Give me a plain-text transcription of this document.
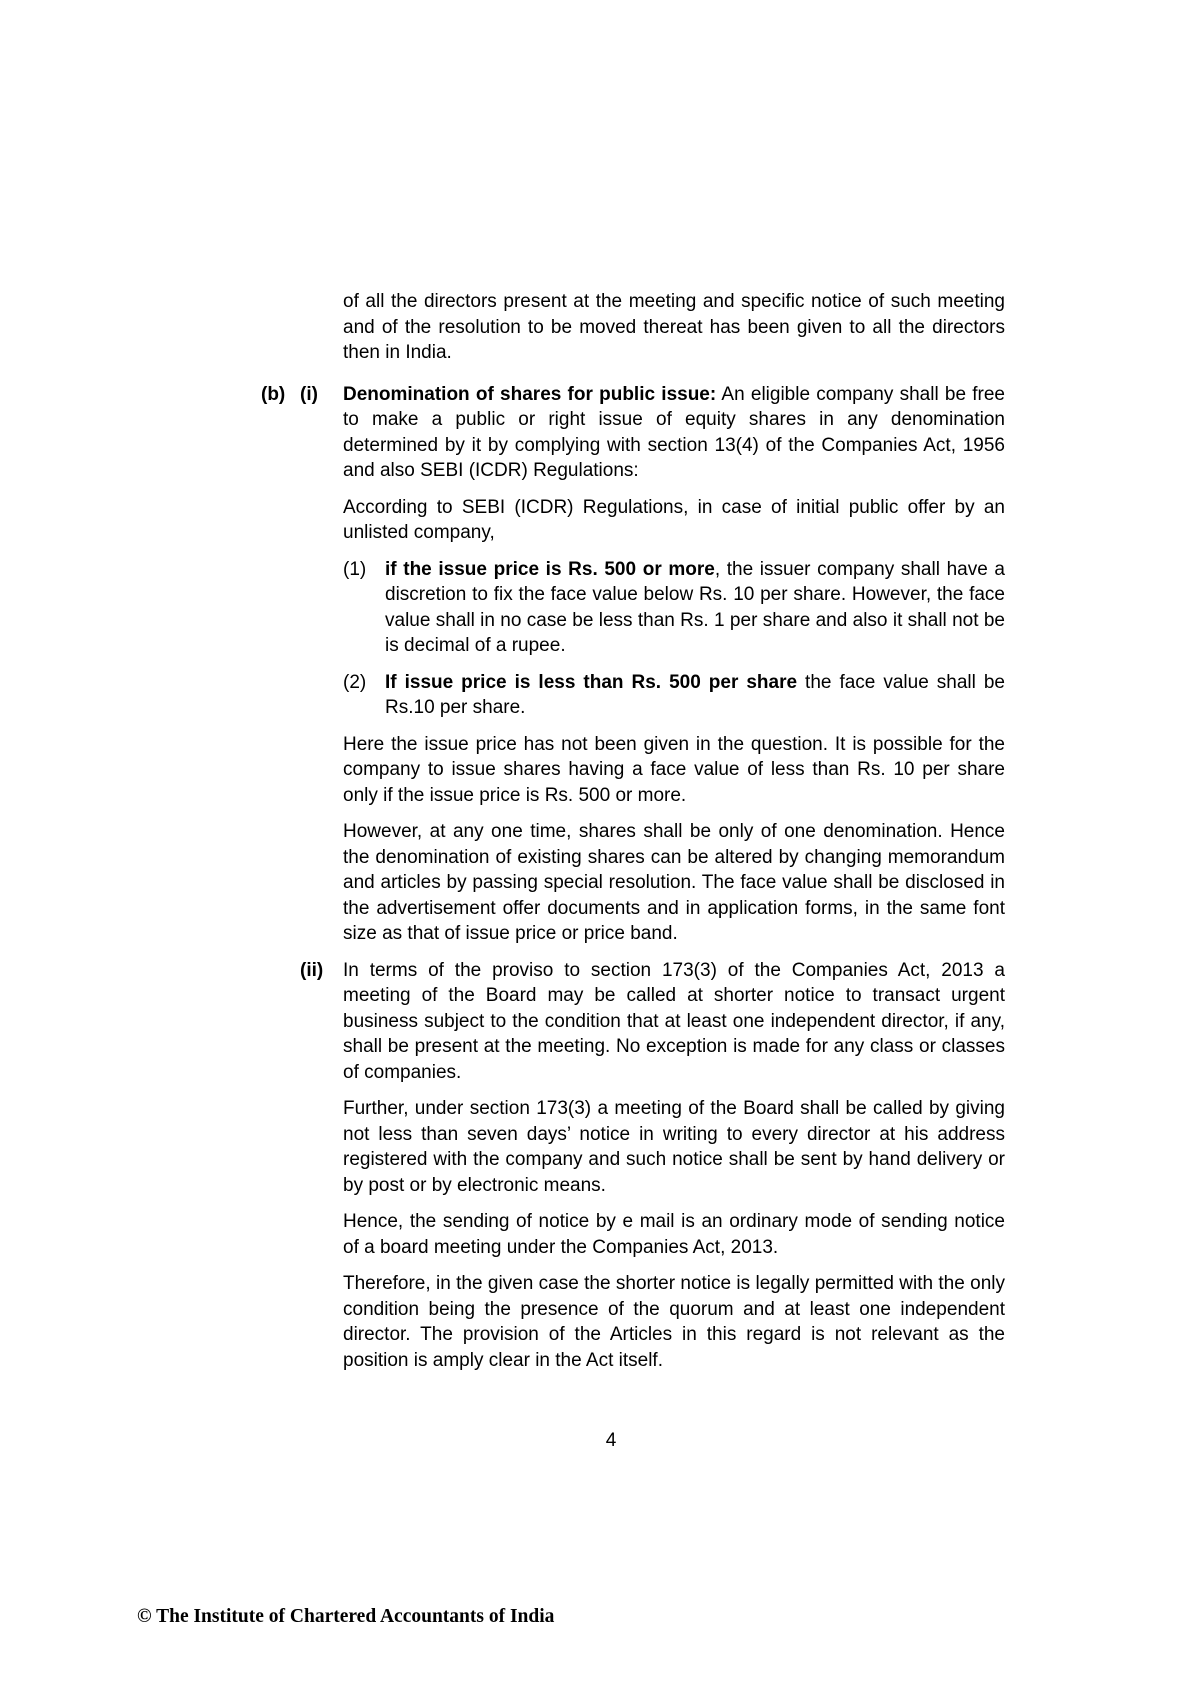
of all the directors present at the meeting and specific notice of such meeting and of the resolution to be moved thereat has been given to all the directors then in India.
(b) (i)	Denomination of shares for public issue: An eligible company shall be free to make a public or right issue of equity shares in any denomination determined by it by complying with section 13(4) of the Companies Act, 1956 and also SEBI (ICDR) Regulations:
According to SEBI (ICDR) Regulations, in case of initial public offer by an unlisted company,
(1) if the issue price is Rs. 500 or more, the issuer company shall have a discretion to fix the face value below Rs. 10 per share. However, the face value shall in no case be less than Rs. 1 per share and also it shall not be is decimal of a rupee.
(2) If issue price is less than Rs. 500 per share the face value shall be Rs.10 per share.
Here the issue price has not been given in the question. It is possible for the company to issue shares having a face value of less than Rs. 10 per share only if the issue price is Rs. 500 or more.
However, at any one time, shares shall be only of one denomination. Hence the denomination of existing shares can be altered by changing memorandum and articles by passing special resolution. The face value shall be disclosed in the advertisement offer documents and in application forms, in the same font size as that of issue price or price band.
(ii)	In terms of the proviso to section 173(3) of the Companies Act, 2013 a meeting of the Board may be called at shorter notice to transact urgent business subject to the condition that at least one independent director, if any, shall be present at the meeting. No exception is made for any class or classes of companies.
Further, under section 173(3) a meeting of the Board shall be called by giving not less than seven days’ notice in writing to every director at his address registered with the company and such notice shall be sent by hand delivery or by post or by electronic means.
Hence, the sending of notice by e mail is an ordinary mode of sending notice of a board meeting under the Companies Act, 2013.
Therefore, in the given case the shorter notice is legally permitted with the only condition being the presence of the quorum and at least one independent director. The provision of the Articles in this regard is not relevant as the position is amply clear in the Act itself.
4
© The Institute of Chartered Accountants of India
